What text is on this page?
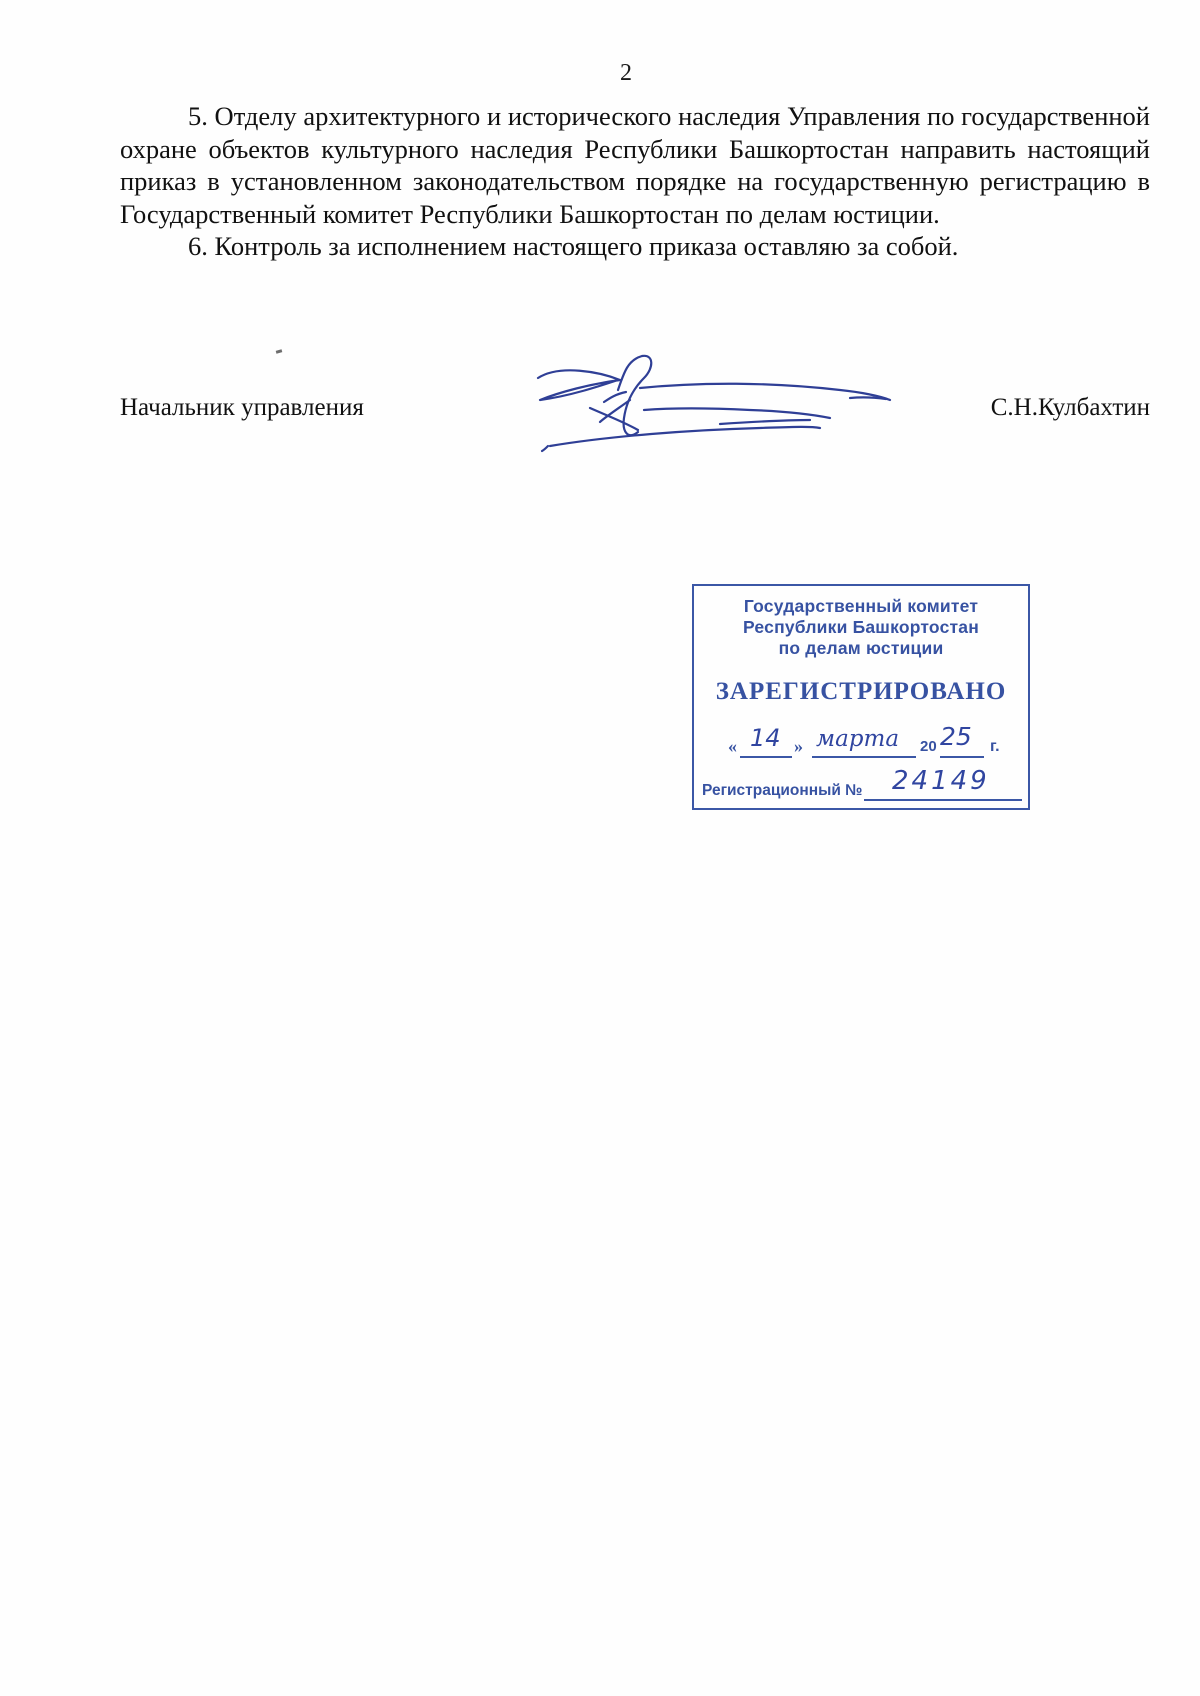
2

5. Отделу архитектурного и исторического наследия Управления по государственной охране объектов культурного наследия Республики Башкортостан направить настоящий приказ в установленном законодательством порядке на государственную регистрацию в Государственный комитет Республики Башкортостан по делам юстиции.

6. Контроль за исполнением настоящего приказа оставляю за собой.

Начальник управления	С.Н.Кулбахтин
Государственный комитет
Республики Башкортостан
по делам юстиции
ЗАРЕГИСТРИРОВАНО
« 14 » марта 20 25 г.
Регистрационный № 24149
